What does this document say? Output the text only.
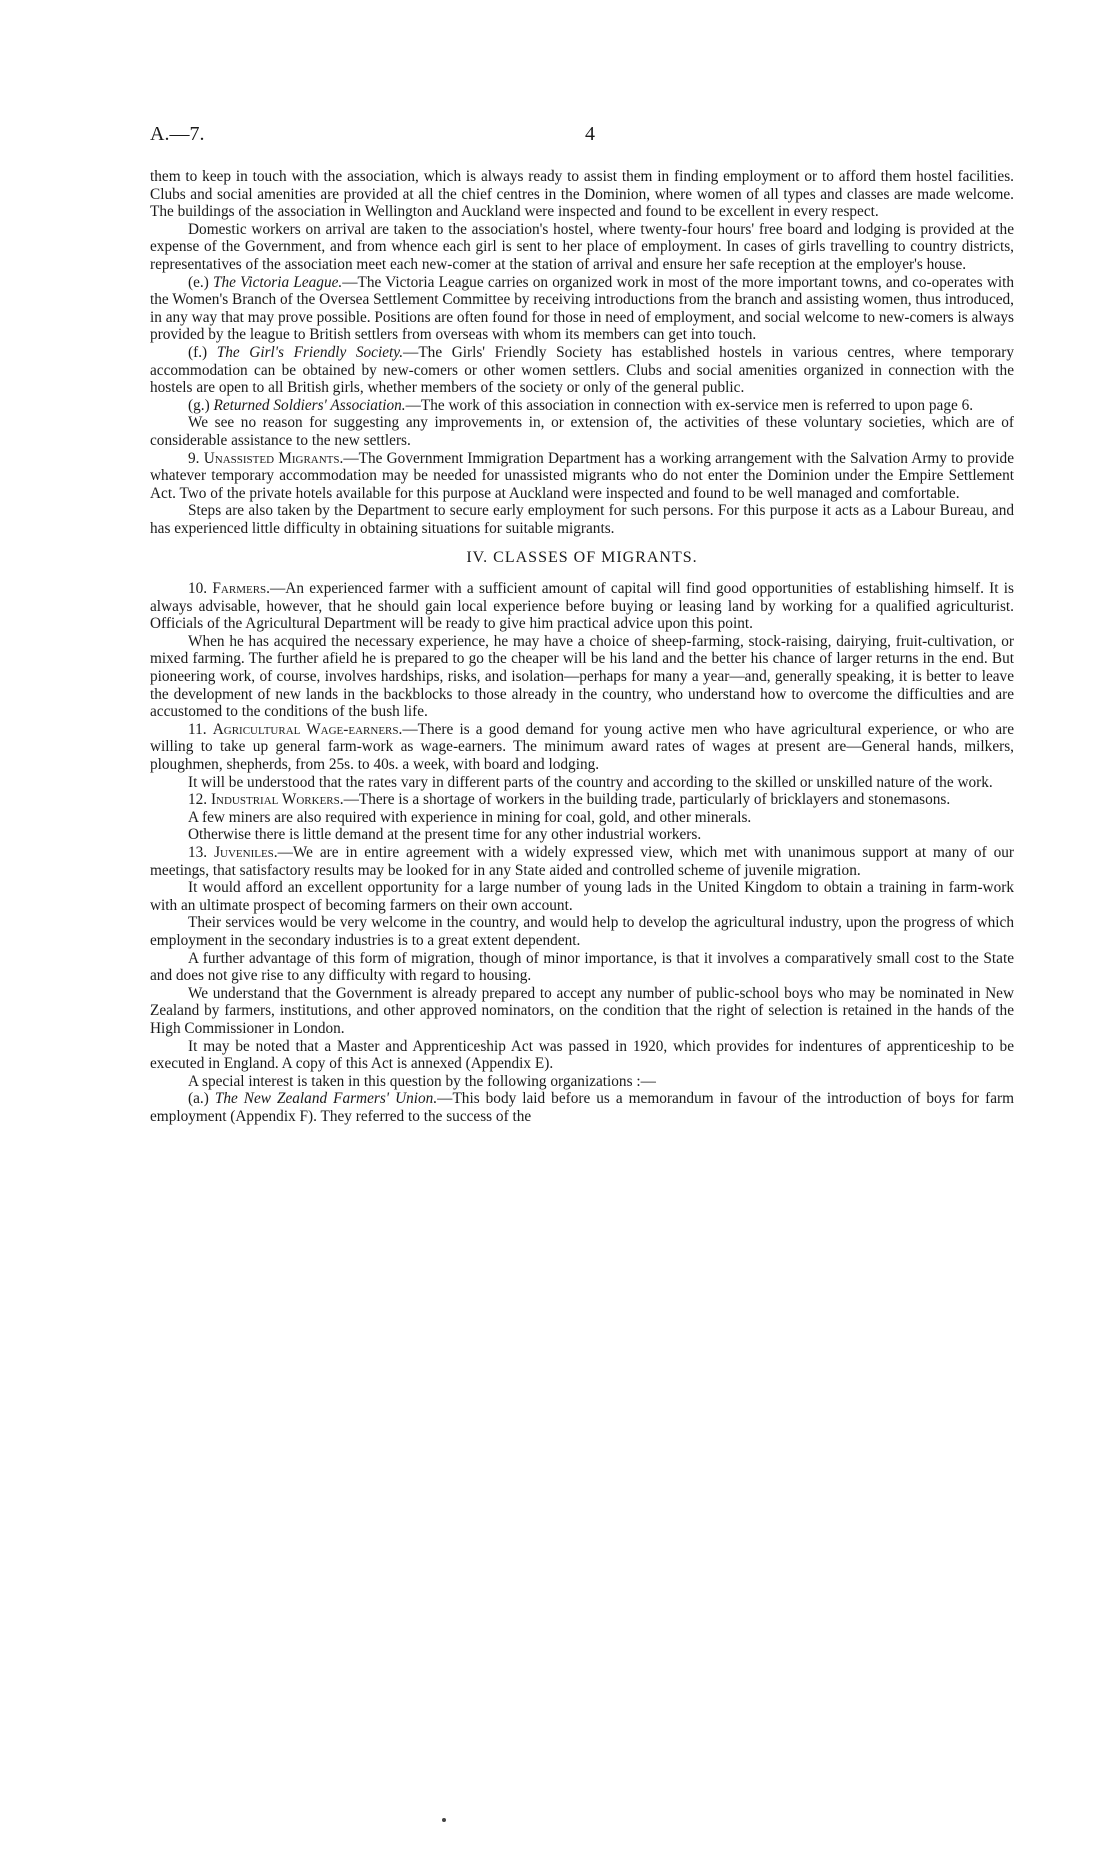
A.—7.	4

them to keep in touch with the association, which is always ready to assist them in finding employment or to afford them hostel facilities. Clubs and social amenities are provided at all the chief centres in the Dominion, where women of all types and classes are made welcome. The buildings of the association in Wellington and Auckland were inspected and found to be excellent in every respect.

Domestic workers on arrival are taken to the association's hostel, where twenty-four hours' free board and lodging is provided at the expense of the Government, and from whence each girl is sent to her place of employment. In cases of girls travelling to country districts, representatives of the association meet each new-comer at the station of arrival and ensure her safe reception at the employer's house.

(e.) The Victoria League.—The Victoria League carries on organized work in most of the more important towns, and co-operates with the Women's Branch of the Oversea Settlement Committee by receiving introductions from the branch and assisting women, thus introduced, in any way that may prove possible. Positions are often found for those in need of employment, and social welcome to new-comers is always provided by the league to British settlers from overseas with whom its members can get into touch.

(f.) The Girl's Friendly Society.—The Girls' Friendly Society has established hostels in various centres, where temporary accommodation can be obtained by new-comers or other women settlers. Clubs and social amenities organized in connection with the hostels are open to all British girls, whether members of the society or only of the general public.

(g.) Returned Soldiers' Association.—The work of this association in connection with ex-service men is referred to upon page 6.

We see no reason for suggesting any improvements in, or extension of, the activities of these voluntary societies, which are of considerable assistance to the new settlers.

9. Unassisted Migrants.—The Government Immigration Department has a working arrangement with the Salvation Army to provide whatever temporary accommodation may be needed for unassisted migrants who do not enter the Dominion under the Empire Settlement Act. Two of the private hotels available for this purpose at Auckland were inspected and found to be well managed and comfortable.

Steps are also taken by the Department to secure early employment for such persons. For this purpose it acts as a Labour Bureau, and has experienced little difficulty in obtaining situations for suitable migrants.

IV. CLASSES OF MIGRANTS.

10. Farmers.—An experienced farmer with a sufficient amount of capital will find good opportunities of establishing himself. It is always advisable, however, that he should gain local experience before buying or leasing land by working for a qualified agriculturist. Officials of the Agricultural Department will be ready to give him practical advice upon this point.

When he has acquired the necessary experience, he may have a choice of sheep-farming, stock-raising, dairying, fruit-cultivation, or mixed farming. The further afield he is prepared to go the cheaper will be his land and the better his chance of larger returns in the end. But pioneering work, of course, involves hardships, risks, and isolation—perhaps for many a year—and, generally speaking, it is better to leave the development of new lands in the backblocks to those already in the country, who understand how to overcome the difficulties and are accustomed to the conditions of the bush life.

11. Agricultural Wage-earners.—There is a good demand for young active men who have agricultural experience, or who are willing to take up general farm-work as wage-earners. The minimum award rates of wages at present are—General hands, milkers, ploughmen, shepherds, from 25s. to 40s. a week, with board and lodging.

It will be understood that the rates vary in different parts of the country and according to the skilled or unskilled nature of the work.

12. Industrial Workers.—There is a shortage of workers in the building trade, particularly of bricklayers and stonemasons.

A few miners are also required with experience in mining for coal, gold, and other minerals.

Otherwise there is little demand at the present time for any other industrial workers.

13. Juveniles.—We are in entire agreement with a widely expressed view, which met with unanimous support at many of our meetings, that satisfactory results may be looked for in any State aided and controlled scheme of juvenile migration.

It would afford an excellent opportunity for a large number of young lads in the United Kingdom to obtain a training in farm-work with an ultimate prospect of becoming farmers on their own account.

Their services would be very welcome in the country, and would help to develop the agricultural industry, upon the progress of which employment in the secondary industries is to a great extent dependent.

A further advantage of this form of migration, though of minor importance, is that it involves a comparatively small cost to the State and does not give rise to any difficulty with regard to housing.

We understand that the Government is already prepared to accept any number of public-school boys who may be nominated in New Zealand by farmers, institutions, and other approved nominators, on the condition that the right of selection is retained in the hands of the High Commissioner in London.

It may be noted that a Master and Apprenticeship Act was passed in 1920, which provides for indentures of apprenticeship to be executed in England. A copy of this Act is annexed (Appendix E).

A special interest is taken in this question by the following organizations :—

(a.) The New Zealand Farmers' Union.—This body laid before us a memorandum in favour of the introduction of boys for farm employment (Appendix F). They referred to the success of the
